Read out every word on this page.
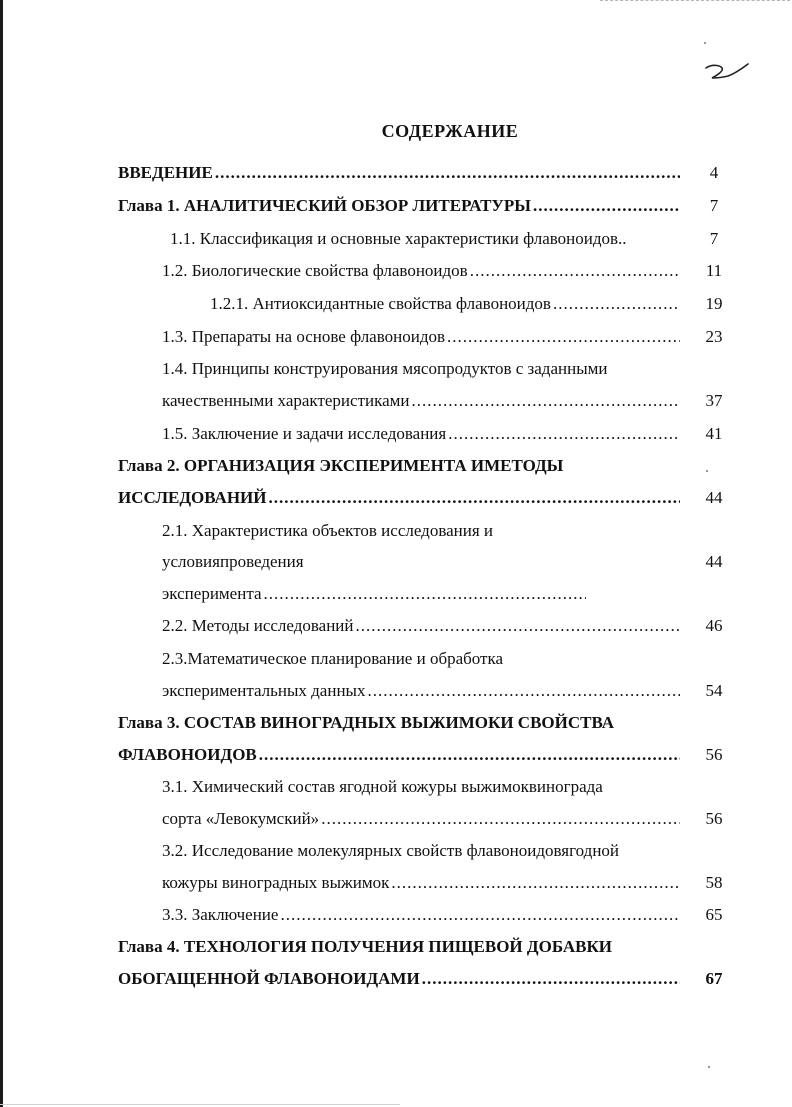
СОДЕРЖАНИЕ
ВВЕДЕНИЕ .....	4
Глава 1. АНАЛИТИЧЕСКИЙ ОБЗОР ЛИТЕРАТУРЫ .....	7
1.1. Классификация и основные характеристики флавоноидов..	7
1.2. Биологические свойства флавоноидов .....	11
1.2.1. Антиоксидантные свойства флавоноидов .....	19
1.3. Препараты на основе флавоноидов .....	23
1.4. Принципы конструирования мясопродуктов с заданными
качественными характеристиками .....	37
1.5. Заключение и задачи исследования .....	41
Глава 2. ОРГАНИЗАЦИЯ ЭКСПЕРИМЕНТА ИМЕТОДЫ
ИССЛЕДОВАНИЙ .....	44
2.1. Характеристика объектов исследования и
условияпроведения	44
эксперимента
.....
2.2. Методы исследований .....	46
2.3.Математическое планирование и обработка
экспериментальных данных .....	54
Глава 3. СОСТАВ ВИНОГРАДНЫХ ВЫЖИМОКИ СВОЙСТВА
ФЛАВОНОИДОВ .....	56
3.1. Химический состав ягодной кожуры выжимоквинограда
сорта «Левокумский» .....	56
3.2. Исследование молекулярных свойств флавоноидовягодной
кожуры виноградных выжимок .....	58
3.3. Заключение .....	65
Глава 4. ТЕХНОЛОГИЯ ПОЛУЧЕНИЯ ПИЩЕВОЙ ДОБАВКИ
ОБОГАЩЕННОЙ ФЛАВОНОИДАМИ .....	67
